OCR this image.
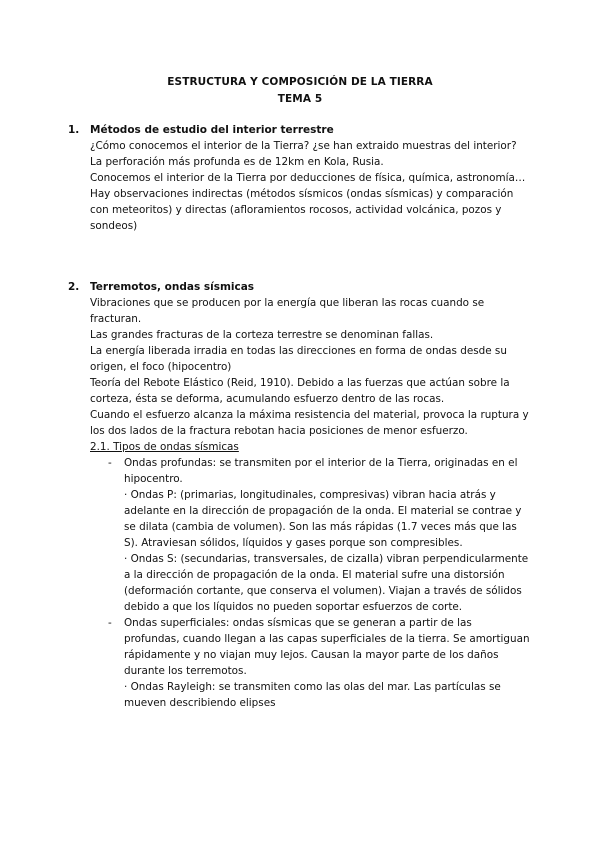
ESTRUCTURA Y COMPOSICIÓN DE LA TIERRA
TEMA 5
1. Métodos de estudio del interior terrestre

¿Cómo conocemos el interior de la Tierra? ¿se han extraido muestras del interior?

La perforación más profunda es de 12km en Kola, Rusia.

Conocemos el interior de la Tierra por deducciones de física, química, astronomía…

Hay observaciones indirectas (métodos sísmicos (ondas sísmicas) y comparación con meteoritos) y directas (afloramientos rocosos, actividad volcánica, pozos y sondeos)

2. Terremotos, ondas sísmicas

Vibraciones que se producen por la energía que liberan las rocas cuando se fracturan.

Las grandes fracturas de la corteza terrestre se denominan fallas.

La energía liberada irradia en todas las direcciones en forma de ondas desde su origen, el foco (hipocentro)

Teoría del Rebote Elástico (Reid, 1910). Debido a las fuerzas que actúan sobre la corteza, ésta se deforma, acumulando esfuerzo dentro de las rocas.

Cuando el esfuerzo alcanza la máxima resistencia del material, provoca la ruptura y los dos lados de la fractura rebotan hacia posiciones de menor esfuerzo.

2.1. Tipos de ondas sísmicas

- Ondas profundas: se transmiten por el interior de la Tierra, originadas en el hipocentro.

· Ondas P: (primarias, longitudinales, compresivas) vibran hacia atrás y adelante en la dirección de propagación de la onda. El material se contrae y se dilata (cambia de volumen). Son las más rápidas (1.7 veces más que las S). Atraviesan sólidos, líquidos y gases porque son compresibles.

· Ondas S: (secundarias, transversales, de cizalla) vibran perpendicularmente a la dirección de propagación de la onda. El material sufre una distorsión (deformación cortante, que conserva el volumen). Viajan a través de sólidos debido a que los líquidos no pueden soportar esfuerzos de corte.

- Ondas superficiales: ondas sísmicas que se generan a partir de las profundas, cuando llegan a las capas superficiales de la tierra. Se amortiguan rápidamente y no viajan muy lejos. Causan la mayor parte de los daños durante los terremotos.

· Ondas Rayleigh: se transmiten como las olas del mar. Las partículas se mueven describiendo elipses
